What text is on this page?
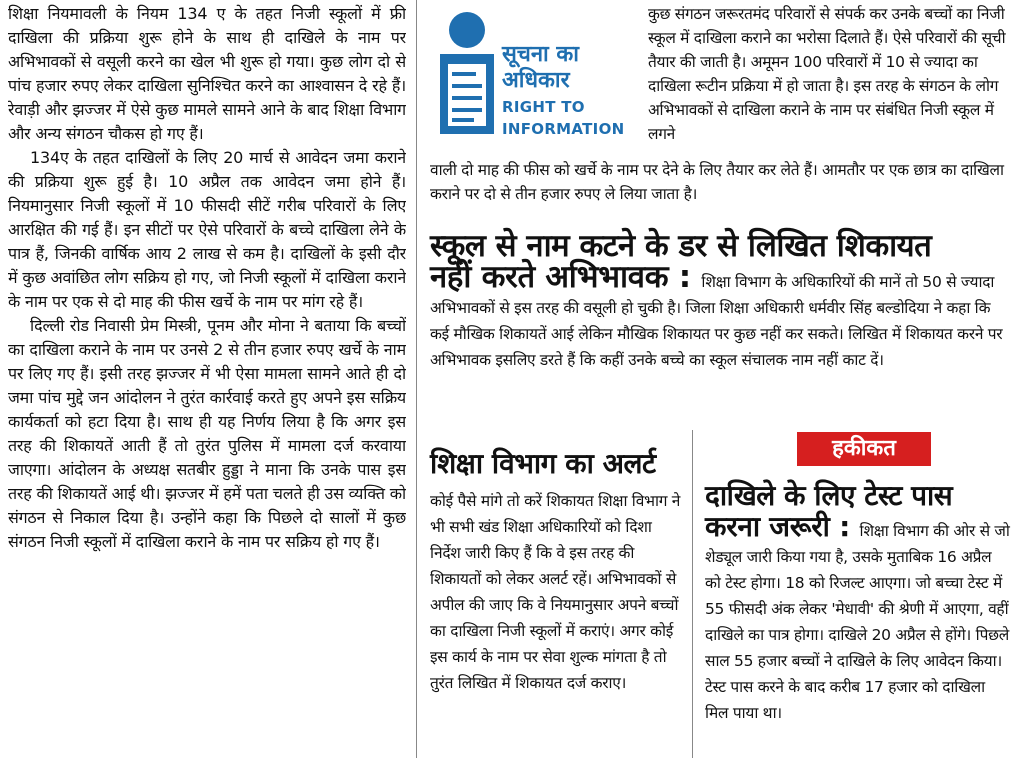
शिक्षा नियमावली के नियम 134 ए के तहत निजी स्कूलों में फ्री दाखिला की प्रक्रिया शुरू होने के साथ ही दाखिले के नाम पर अभिभावकों से वसूली करने का खेल भी शुरू हो गया। कुछ लोग दो से पांच हजार रुपए लेकर दाखिला सुनिश्चित करने का आश्वासन दे रहे हैं। रेवाड़ी और झज्जर में ऐसे कुछ मामले सामने आने के बाद शिक्षा विभाग और अन्य संगठन चौकस हो गए हैं।

134ए के तहत दाखिलों के लिए 20 मार्च से आवेदन जमा कराने की प्रक्रिया शुरू हुई है। 10 अप्रैल तक आवेदन जमा होने हैं। नियमानुसार निजी स्कूलों में 10 फीसदी सीटें गरीब परिवारों के लिए आरक्षित की गई हैं। इन सीटों पर ऐसे परिवारों के बच्चे दाखिला लेने के पात्र हैं, जिनकी वार्षिक आय 2 लाख से कम है। दाखिलों के इसी दौर में कुछ अवांछित लोग सक्रिय हो गए, जो निजी स्कूलों में दाखिला कराने के नाम पर एक से दो माह की फीस खर्चे के नाम पर मांग रहे हैं।

दिल्ली रोड निवासी प्रेम मिस्त्री, पूनम और मोना ने बताया कि बच्चों का दाखिला कराने के नाम पर उनसे 2 से तीन हजार रुपए खर्चे के नाम पर लिए गए हैं। इसी तरह झज्जर में भी ऐसा मामला सामने आते ही दो जमा पांच मुद्दे जन आंदोलन ने तुरंत कार्रवाई करते हुए अपने इस सक्रिय कार्यकर्ता को हटा दिया है। साथ ही यह निर्णय लिया है कि अगर इस तरह की शिकायतें आती हैं तो तुरंत पुलिस में मामला दर्ज करवाया जाएगा। आंदोलन के अध्यक्ष सतबीर हुड्डा ने माना कि उनके पास इस तरह की शिकायतें आई थी। झज्जर में हमें पता चलते ही उस व्यक्ति को संगठन से निकाल दिया है। उन्होंने कहा कि पिछले दो सालों में कुछ संगठन निजी स्कूलों में दाखिला कराने के नाम पर सक्रिय हो गए हैं।

सूचना का
अधिकार
RIGHT TO
INFORMATION

कुछ संगठन जरूरतमंद परिवारों से संपर्क कर उनके बच्चों का निजी स्कूल में दाखिला कराने का भरोसा दिलाते हैं। ऐसे परिवारों की सूची तैयार की जाती है। अमूमन 100 परिवारों में 10 से ज्यादा का दाखिला रूटीन प्रक्रिया में हो जाता है। इस तरह के संगठन के लोग अभिभावकों से दाखिला कराने के नाम पर संबंधित निजी स्कूल में लगने

वाली दो माह की फीस को खर्चे के नाम पर देने के लिए तैयार कर लेते हैं। आमतौर पर एक छात्र का दाखिला कराने पर दो से तीन हजार रुपए ले लिया जाता है।

स्कूल से नाम कटने के डर से लिखित शिकायत

नहीं करते अभिभावक : शिक्षा विभाग के अधिकारियों की मानें तो 50 से ज्यादा अभिभावकों से इस तरह की वसूली हो चुकी है। जिला शिक्षा अधिकारी धर्मवीर सिंह बल्डोदिया ने कहा कि कई मौखिक शिकायतें आई लेकिन मौखिक शिकायत पर कुछ नहीं कर सकते। लिखित में शिकायत करने पर अभिभावक इसलिए डरते हैं कि कहीं उनके बच्चे का स्कूल संचालक नाम नहीं काट दें।

शिक्षा विभाग का अलर्ट

कोई पैसे मांगे तो करें शिकायत शिक्षा विभाग ने भी सभी खंड शिक्षा अधिकारियों को दिशा निर्देश जारी किए हैं कि वे इस तरह की शिकायतों को लेकर अलर्ट रहें। अभिभावकों से अपील की जाए कि वे नियमानुसार अपने बच्चों का दाखिला निजी स्कूलों में कराएं। अगर कोई इस कार्य के नाम पर सेवा शुल्क मांगता है तो तुरंत लिखित में शिकायत दर्ज कराए।

हकीकत
दाखिले के लिए टेस्ट पास

करना जरूरी : शिक्षा विभाग की ओर से जो शेड्यूल जारी किया गया है, उसके मुताबिक 16 अप्रैल को टेस्ट होगा। 18 को रिजल्ट आएगा। जो बच्चा टेस्ट में 55 फीसदी अंक लेकर 'मेधावी' की श्रेणी में आएगा, वहीं दाखिले का पात्र होगा। दाखिले 20 अप्रैल से होंगे। पिछले साल 55 हजार बच्चों ने दाखिले के लिए आवेदन किया। टेस्ट पास करने के बाद करीब 17 हजार को दाखिला मिल पाया था।
